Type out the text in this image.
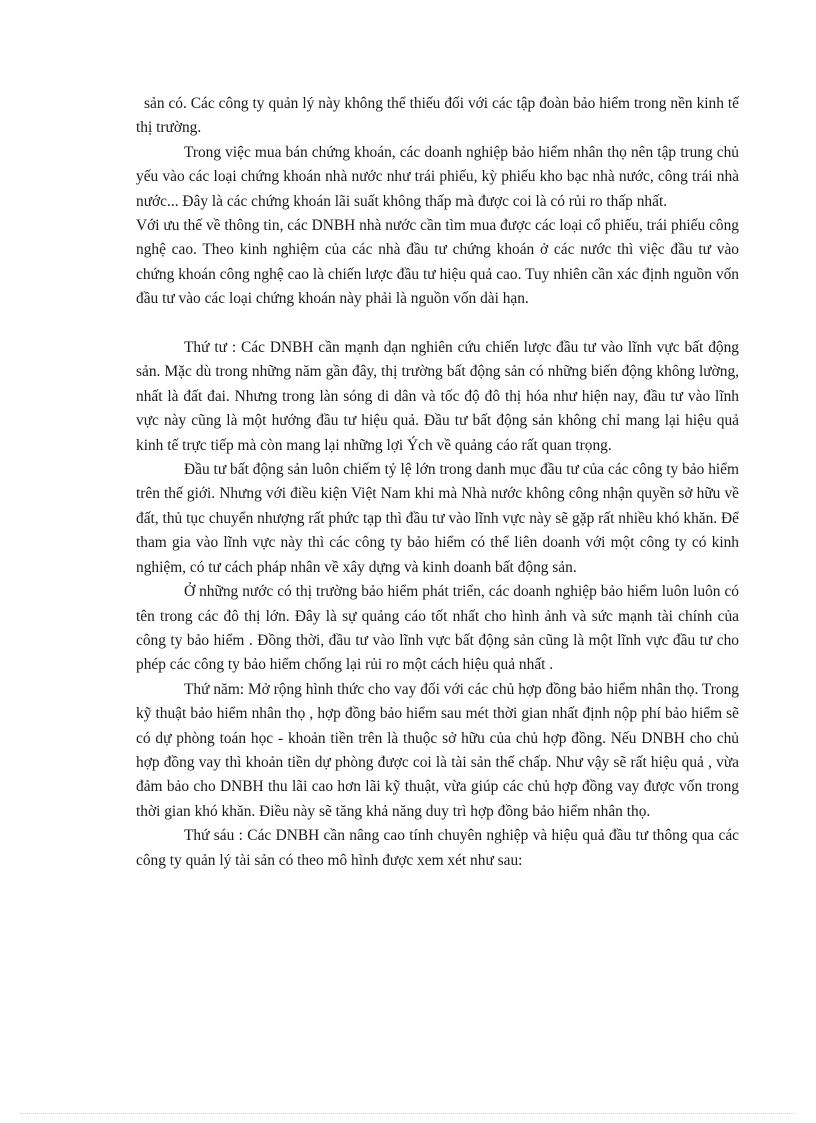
sản có. Các công ty quản lý này không thể thiếu đối với các tập đoàn bảo hiểm trong nền kinh tế thị trường.

Trong việc mua bán chứng khoán, các doanh nghiệp bảo hiểm nhân thọ nên tập trung chủ yếu vào các loại chứng khoán nhà nước như trái phiếu, kỳ phiếu kho bạc nhà nước, công trái nhà nước... Đây là các chứng khoán lãi suất không thấp mà được coi là có rủi ro thấp nhất.

Với ưu thế về thông tin, các DNBH nhà nước cần tìm mua được các loại cổ phiếu, trái phiếu công nghệ cao. Theo kinh nghiệm của các nhà đầu tư chứng khoán ở các nước thì việc đầu tư vào chứng khoán công nghệ cao là chiến lược đầu tư hiệu quả cao. Tuy nhiên cần xác định nguồn vốn đầu tư vào các loại chứng khoán này phải là nguồn vốn dài hạn.

Thứ tư : Các DNBH cần mạnh dạn nghiên cứu chiến lược đầu tư vào lĩnh vực bất động sản. Mặc dù trong những năm gần đây, thị trường bất động sản có những biến động không lường, nhất là đất đai. Nhưng trong làn sóng di dân và tốc độ đô thị hóa như hiện nay, đầu tư vào lĩnh vực này cũng là một hướng đầu tư hiệu quả. Đầu tư bất động sản không chỉ mang lại hiệu quả kinh tế trực tiếp mà còn mang lại những lợi Ých về quảng cáo rất quan trọng.

Đầu tư bất động sản luôn chiếm tỷ lệ lớn trong danh mục đầu tư của các công ty bảo hiểm trên thế giới. Nhưng với điều kiện Việt Nam khi mà Nhà nước không công nhận quyền sở hữu về đất, thủ tục chuyển nhượng rất phức tạp thì đầu tư vào lĩnh vực này sẽ gặp rất nhiều khó khăn. Để tham gia vào lĩnh vực này thì các công ty bảo hiểm có thể liên doanh với một công ty có kinh nghiệm, có tư cách pháp nhân về xây dựng và kinh doanh bất động sản.

Ở những nước có thị trường bảo hiểm phát triển, các doanh nghiệp bảo hiểm luôn luôn có tên trong các đô thị lớn. Đây là sự quảng cáo tốt nhất cho hình ảnh và sức mạnh tài chính của công ty bảo hiểm . Đồng thời, đầu tư vào lĩnh vực bất động sản cũng là một lĩnh vực đầu tư cho phép các công ty bảo hiểm chống lại rủi ro một cách hiệu quả nhất .

Thứ năm: Mở rộng hình thức cho vay đối với các chủ hợp đồng bảo hiểm nhân thọ. Trong kỹ thuật bảo hiểm nhân thọ , hợp đồng bảo hiểm sau mét thời gian nhất định nộp phí bảo hiểm sẽ có dự phòng toán học - khoản tiền trên là thuộc sở hữu của chủ hợp đồng. Nếu DNBH cho chủ hợp đồng vay thì khoản tiền dự phòng được coi là tài sản thế chấp. Như vậy sẽ rất hiệu quả , vừa đảm bảo cho DNBH thu lãi cao hơn lãi kỹ thuật, vừa giúp các chủ hợp đồng vay được vốn trong thời gian khó khăn. Điều này sẽ tăng khả năng duy trì hợp đồng bảo hiểm nhân thọ.

Thứ sáu : Các DNBH cần nâng cao tính chuyên nghiệp và hiệu quả đầu tư thông qua các công ty quản lý tài sản có theo mô hình được xem xét như sau:
